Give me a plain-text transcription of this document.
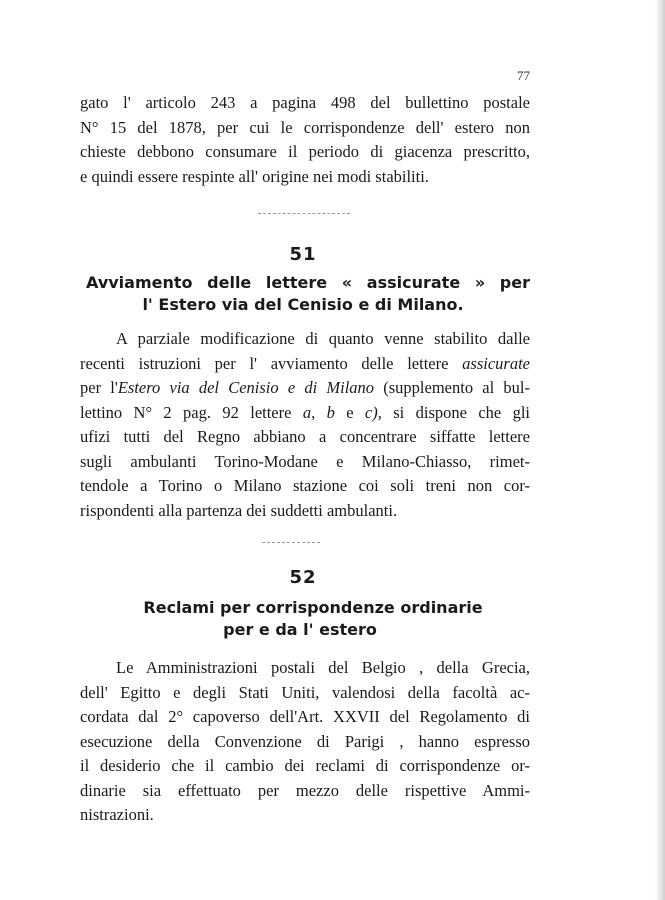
77
gato l' articolo 243 a pagina 498 del bullettino postale
N° 15 del 1878, per cui le corrispondenze dell' estero non
chieste debbono consumare il periodo di giacenza prescritto,
e quindi essere respinte all' origine nei modi stabiliti.
51
Avviamento delle lettere « assicurate » per
l' Estero via del Cenisio e di Milano.
A parziale modificazione di quanto venne stabilito dalle
recenti istruzioni per l' avviamento delle lettere assicurate
per l'Estero via del Cenisio e di Milano (supplemento al bul-
lettino N° 2 pag. 92 lettere a, b e c), si dispone che gli
ufizi tutti del Regno abbiano a concentrare siffatte lettere
sugli ambulanti Torino-Modane e Milano-Chiasso, rimet-
tendole a Torino o Milano stazione coi soli treni non cor-
rispondenti alla partenza dei suddetti ambulanti.
52
Reclami per corrispondenze ordinarie
per e da l' estero
Le Amministrazioni postali del Belgio , della Grecia,
dell' Egitto e degli Stati Uniti, valendosi della facoltà ac-
cordata dal 2° capoverso dell'Art. XXVII del Regolamento di
esecuzione della Convenzione di Parigi , hanno espresso
il desiderio che il cambio dei reclami di corrispondenze or-
dinarie sia effettuato per mezzo delle rispettive Ammi-
nistrazioni.
